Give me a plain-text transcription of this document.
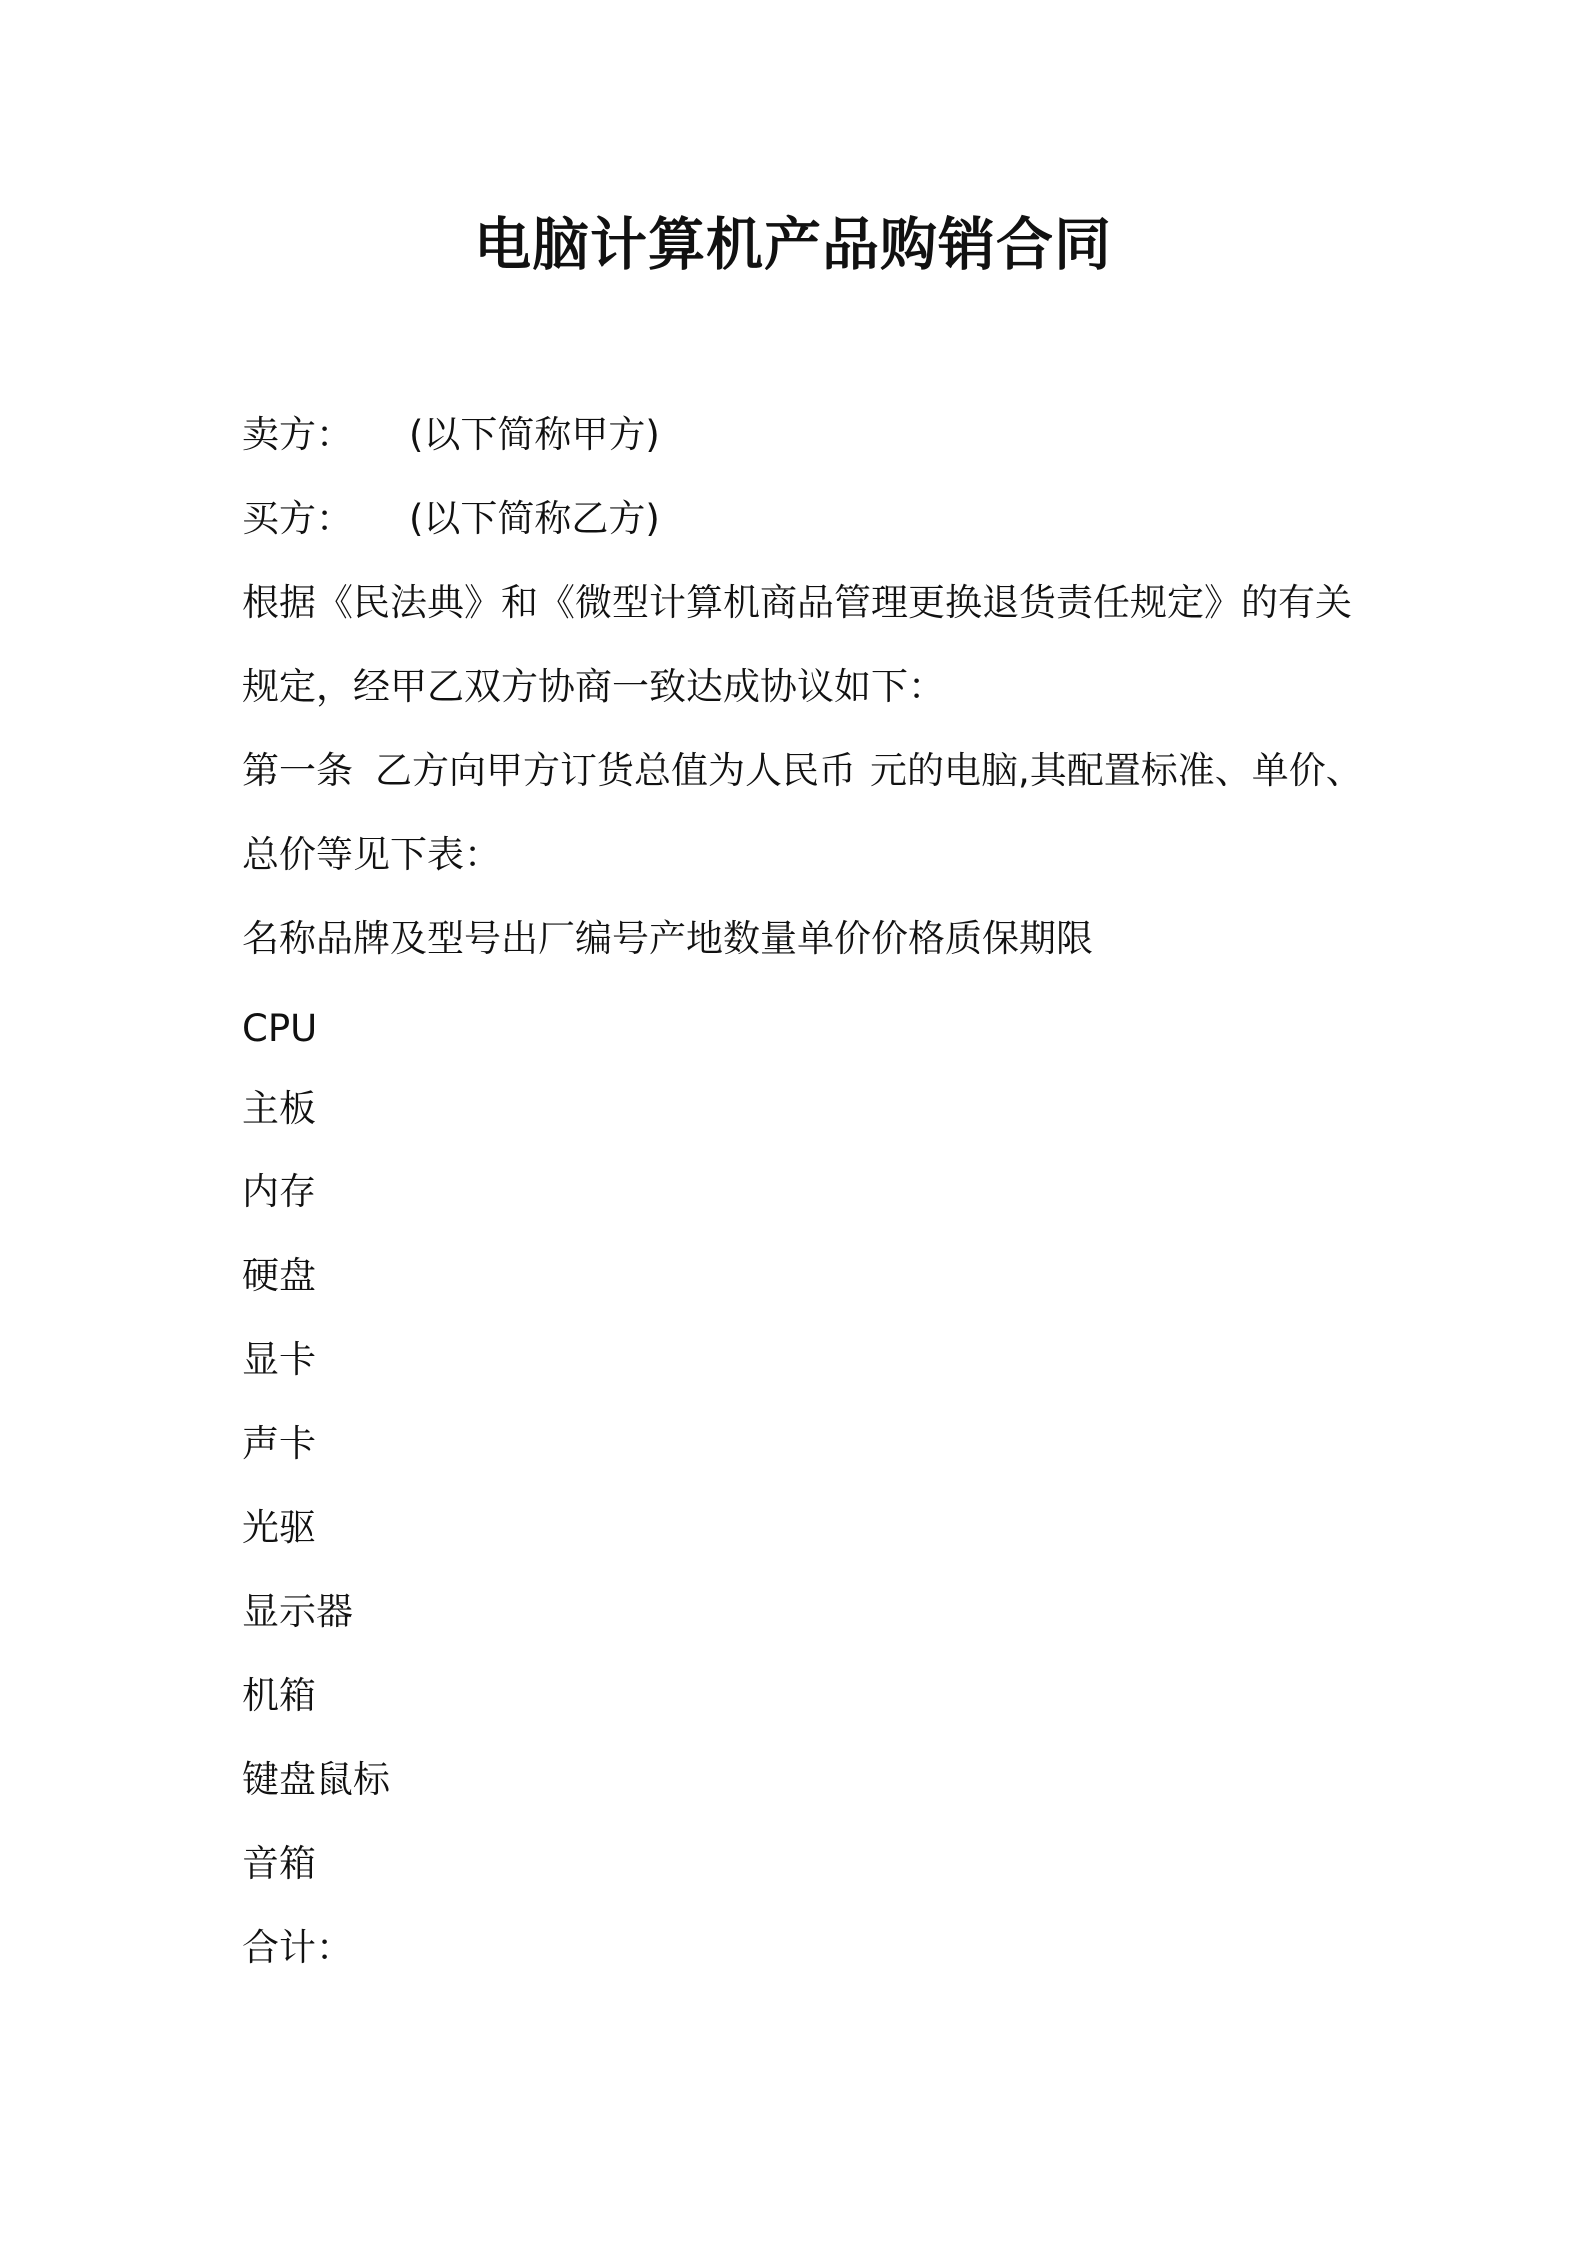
电脑计算机产品购销合同
卖方： (以下简称甲方)
买方： (以下简称乙方)
根据《民法典》和《微型计算机商品管理更换退货责任规定》的有关
规定，经甲乙双方协商一致达成协议如下：
第一条 乙方向甲方订货总值为人民币 元的电脑,其配置标准、单价、
总价等见下表：
名称品牌及型号出厂编号产地数量单价价格质保期限
CPU
主板
内存
硬盘
显卡
声卡
光驱
显示器
机箱
键盘鼠标
音箱
合计：
